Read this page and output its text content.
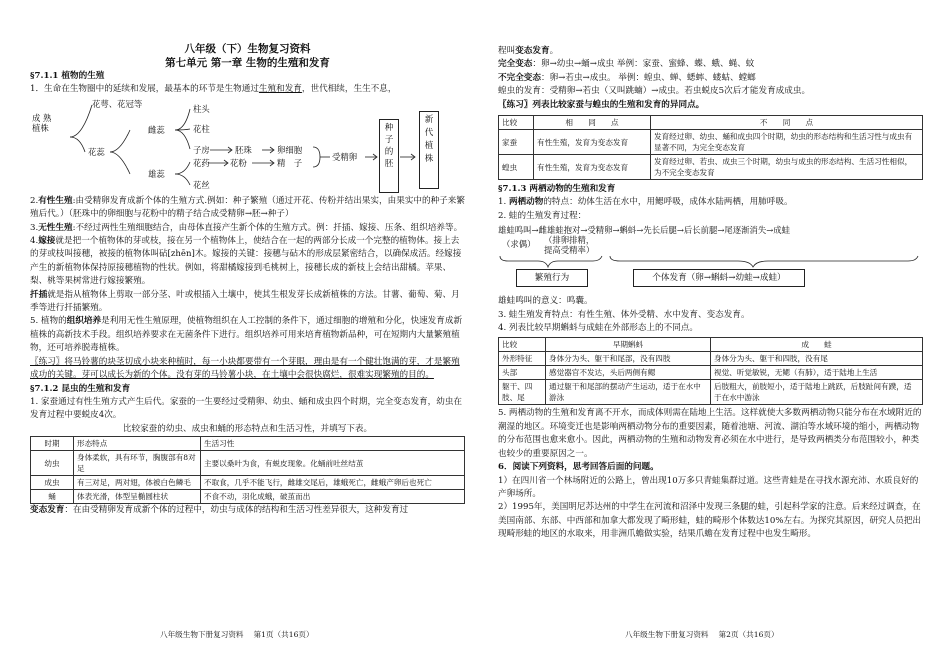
八年级（下）生物复习资料

第七单元 第一章 生物的生殖和发育

§7.1.1 植物的生殖

1．生命在生物圈中的延续和发展，最基本的环节是生物通过生殖和发育，世代相续，生生不息，

成 熟
植株
花萼、花冠等
花蕊
雌蕊
雄蕊
柱头
花柱
子房	胚珠	卵细胞
花药 花粉	精　子
花丝
受精卵
种
子
的
胚
新
代
植
株

2.有性生殖:由受精卵发育成新个体的生殖方式.例如：种子繁殖（通过开花、传粉并结出果实，由果实中的种子来繁殖后代。）（胚珠中的卵细胞与花粉中的精子结合成受精卵→胚→种子）

3.无性生殖:不经过两性生殖细胞结合，由母体直接产生新个体的生殖方式。例：扦插、嫁接、压条、组织培养等。

4.嫁接就是把一个植物体的芽或枝，接在另一个植物体上，使结合在一起的两部分长成一个完整的植物体。接上去的芽或枝叫接穗，被接的植物体叫砧[zhēn]木。嫁接的关键：接穗与砧木的形成层紧密结合，以确保成活。经嫁接产生的新植物体保持原接穗植物的性状。例如，将甜橘嫁接到毛桃树上，接穗长成的新枝上会结出甜橘。苹果、梨、桃等果树常进行嫁接繁殖。

扦插就是指从植物体上剪取一部分茎、叶或根插入土壤中，使其生根发芽长成新植株的方法。甘薯、葡萄、菊、月季等进行扦插繁殖。

5. 植物的组织培养是利用无性生殖原理，使植物组织在人工控制的条件下，通过细胞的增殖和分化，快速发育成新植株的高新技术手段。组织培养要求在无菌条件下进行。组织培养可用来培育植物新品种，可在短期内大量繁殖植物，还可培养脱毒植株。

〖练习〗将马铃薯的块茎切成小块来种植时，每一小块都要带有一个芽眼，理由是有一个健壮饱满的芽，才是繁殖成功的关键。芽可以成长为新的个体。没有芽的马铃薯小块，在土壤中会很快腐烂，很难实现繁殖的目的。

§7.1.2 昆虫的生殖和发育

1. 家蚕通过有性生殖方式产生后代。家蚕的一生要经过受精卵、幼虫、蛹和成虫四个时期，完全变态发育，幼虫在发育过程中要蜕皮4次。

比较家蚕的幼虫、成虫和蛹的形态特点和生活习性，并填写下表。

时期	形态特点	生活习性
幼虫	身体柔软，具有环节，胸腹部有8对足	主要以桑叶为食，有蜕皮现象。化蛹前吐丝结茧
成虫	有三对足，两对翅，体被白色鳞毛	不取食，几乎不能飞行，雌雄交尾后，雄蛾死亡，雌蛾产卵后也死亡
蛹	体表光滑，体型呈椭圆柱状	不食不动，羽化成蛾，破茧而出

变态发育：在由受精卵发育成新个体的过程中，幼虫与成体的结构和生活习性差异很大，这种发育过

程叫变态发育。

完全变态：卵→幼虫→蛹→成虫 举例：家蚕、蜜蜂、蝶、蛾、蝇、蚊

不完全变态：卵→若虫→成虫。 举例：蝗虫、蝉、蟋蟀、蝼蛄、螳螂

蝗虫的发育：受精卵→若虫（又叫跳蝻）→成虫。若虫蜕皮5次后才能发育成成虫。

〖练习〗列表比较家蚕与蝗虫的生殖和发育的异同点。

比较	相　　同　　点	不　　同　　点
家蚕	有性生殖，发育为变态发育	发育经过卵、幼虫、蛹和成虫四个时期，幼虫的形态结构和生活习性与成虫有显著不同，为完全变态发育
蝗虫	有性生殖，发育为变态发育	发育经过卵、若虫、成虫三个时期，幼虫与成虫的形态结构、生活习性相似，为不完全变态发育

§7.1.3 两栖动物的生殖和发育

1. 两栖动物的特点：幼体生活在水中，用鳃呼吸，成体水陆两栖，用肺呼吸。

2. 蛙的生殖发育过程：

雄蛙鸣叫→雌雄蛙抱对→受精卵→蝌蚪→先长后腿→后长前腿→尾逐渐消失→成蛙
（求偶） （排卵排精，
提高受精率）
繁殖行为	个体发育（卵→蝌蚪→幼蛙→成蛙）

雄蛙鸣叫的意义：鸣囊。

3. 蛙生殖发育特点：有性生殖、体外受精、水中发育、变态发育。

4. 列表比较早期蝌蚪与成蛙在外部形态上的不同点。

比较	早期蝌蚪	成　　蛙
外形特征	身体分为头、躯干和尾部，没有四肢	身体分为头、躯干和四肢，没有尾
头部	感觉器官不发达，头后两侧有鳃	视觉、听觉敏锐，无鳃（有肺），适于陆地上生活
躯干、四肢、尾	通过躯干和尾部的摆动产生运动，适于在水中游泳	后肢粗大，前肢短小，适于陆地上跳跃，后肢趾间有蹼，适于在水中游泳

5. 两栖动物的生殖和发育离不开水，而成体则需在陆地上生活。这样就使大多数两栖动物只能分布在水域附近的潮湿的地区。环境变迁也是影响两栖动物分布的重要因素，随着池塘、河流、湖泊等水域环境的缩小，两栖动物的分布范围也愈来愈小。因此，两栖动物的生殖和动物发育必须在水中进行，是导致两栖类分布范围较小，种类也较少的重要原因之一。

6．阅读下列资料，思考回答后面的问题。

1）在四川省一个林场附近的公路上，曾出现10万多只青蛙集群过道。这些青蛙是在寻找水源充沛、水质良好的产卵场所。

2）1995年，美国明尼苏达州的中学生在河流和沼泽中发现三条腿的蛙，引起科学家的注意。后来经过调查，在美国南部、东部、中西部和加拿大都发现了畸形蛙，蛙的畸形个体数达10%左右。为探究其原因，研究人员把出现畸形蛙的地区的水取来，用非洲爪蟾做实验，结果爪蟾在发育过程中也发生畸形。

八年级生物下册复习资料　 第1页（共16页）	八年级生物下册复习资料　 第2页（共16页）
